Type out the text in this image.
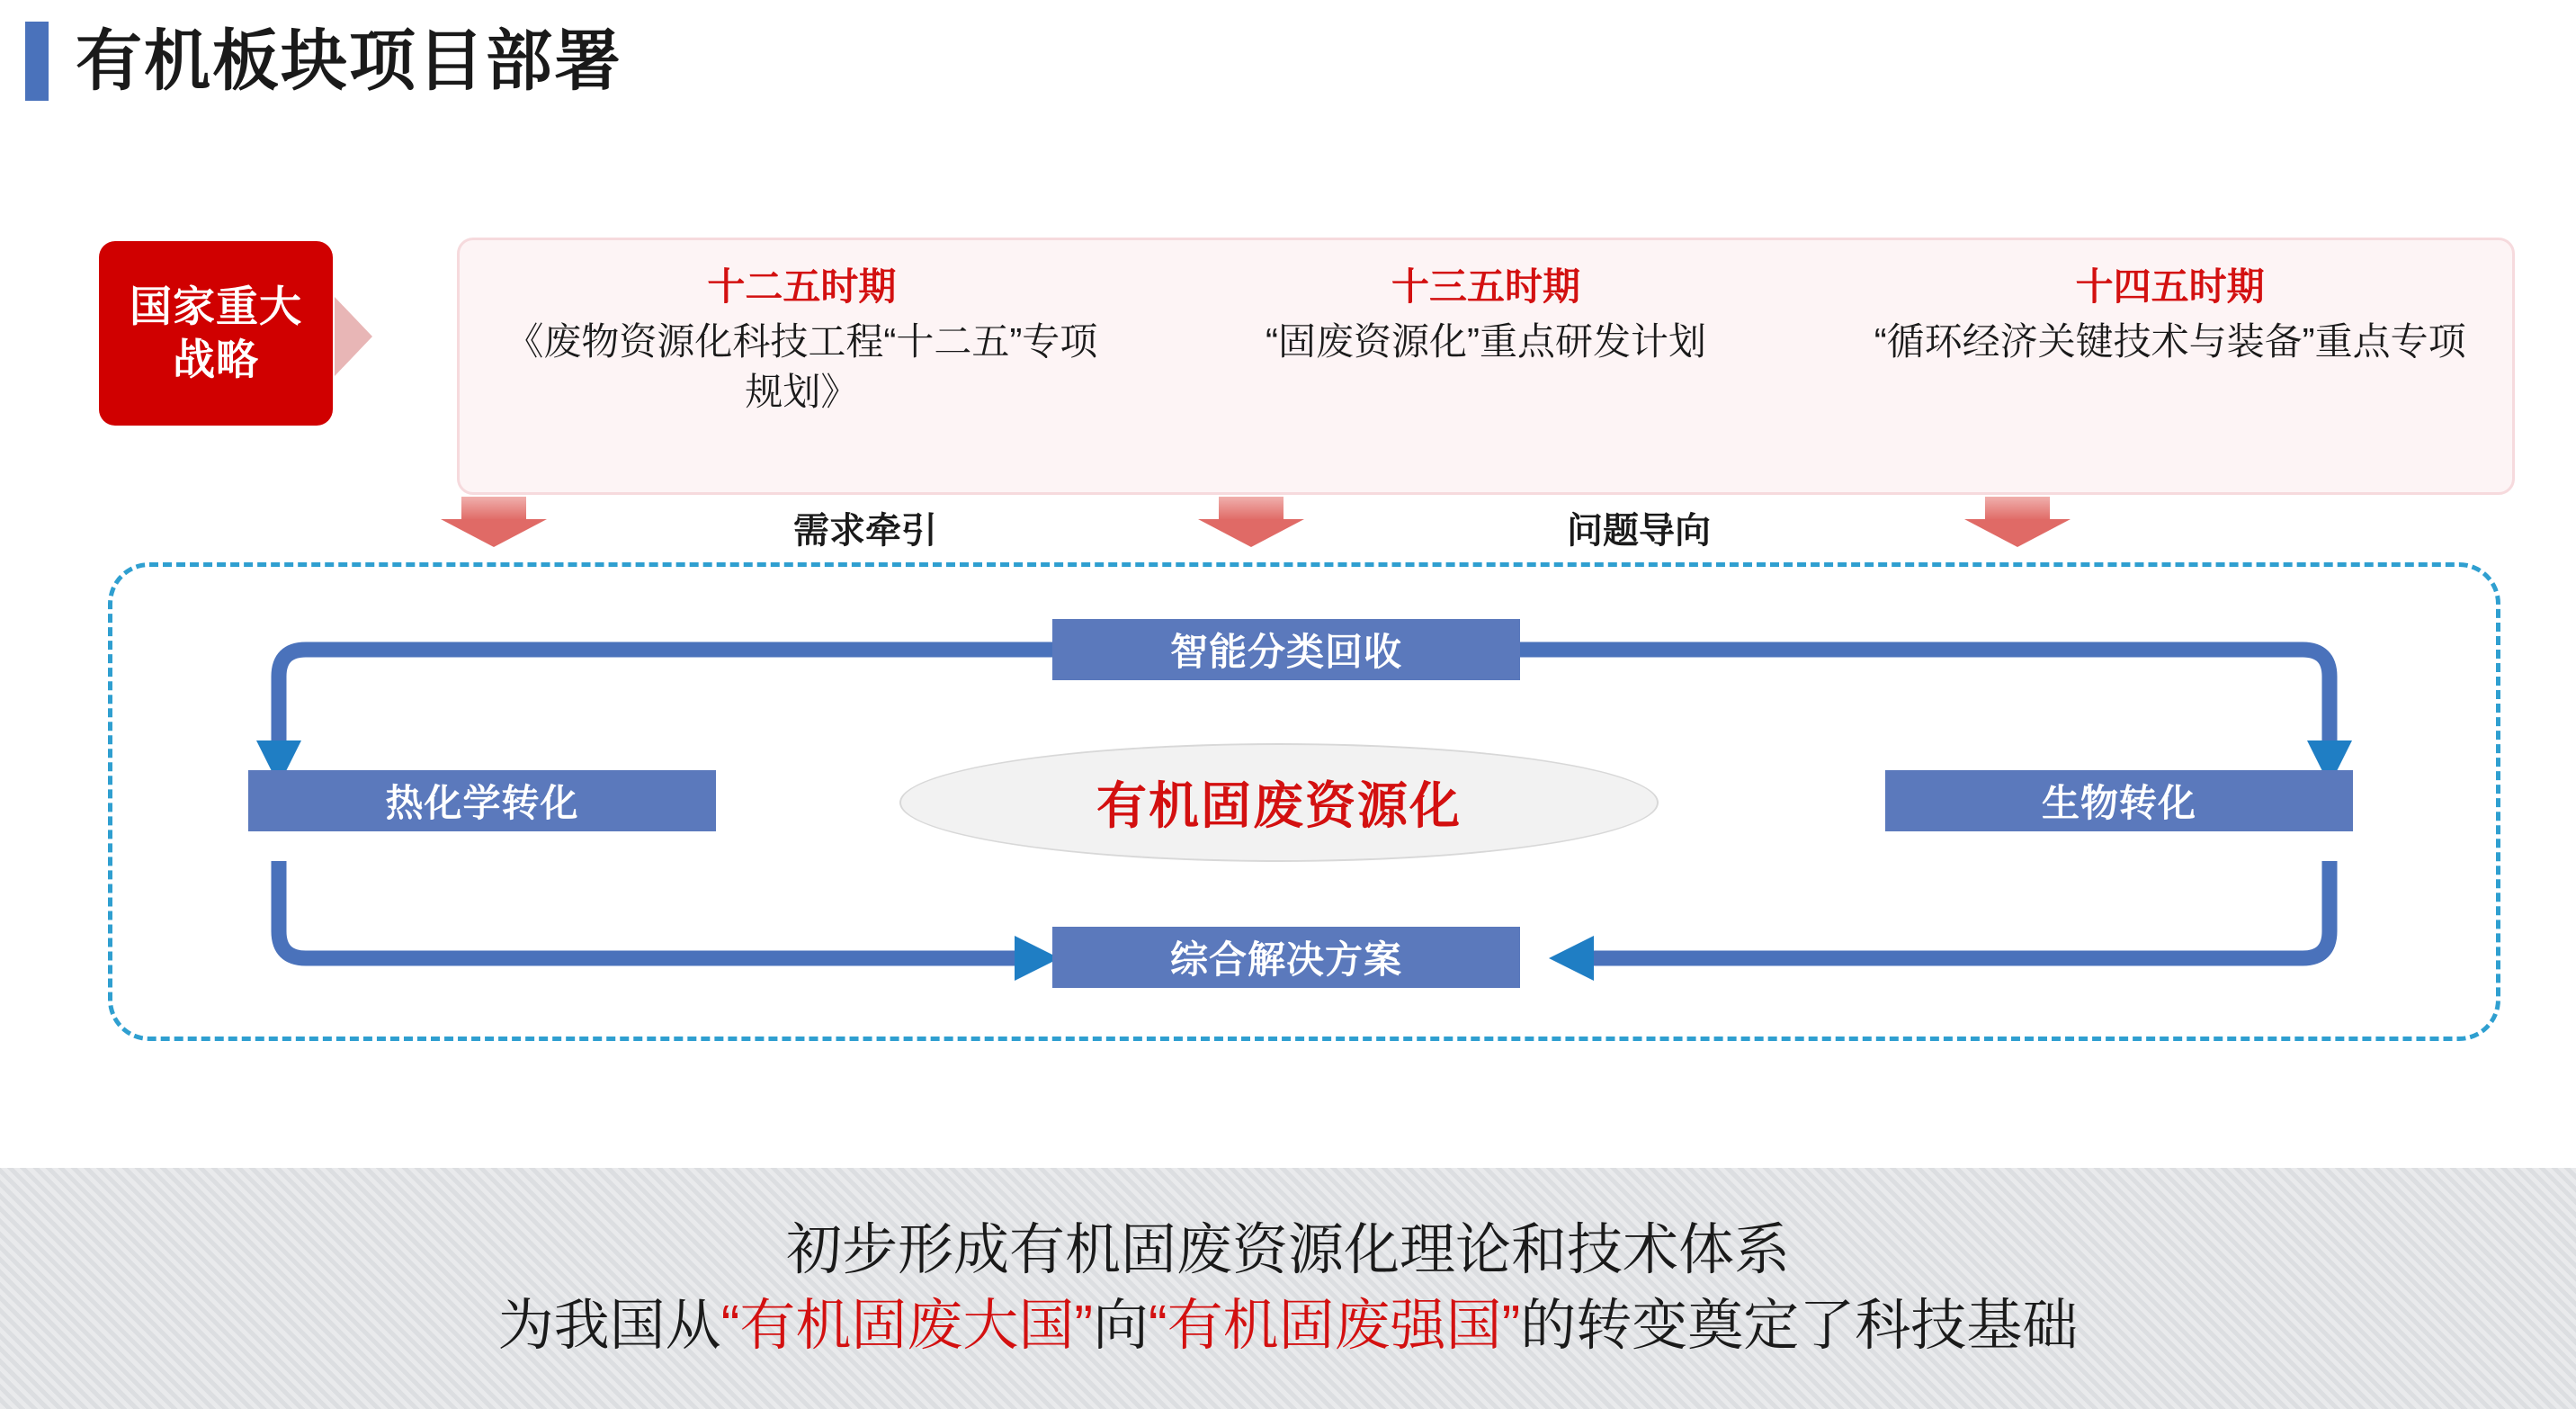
有机板块项目部署
国家重大
战略
十二五时期
《废物资源化科技工程“十二五”专项规划》
十三五时期
“固废资源化”重点研发计划
十四五时期
“循环经济关键技术与装备”重点专项
需求牵引	问题导向
智能分类回收
热化学转化	生物转化
综合解决方案
有机固废资源化
初步形成有机固废资源化理论和技术体系
为我国从“有机固废大国”向“有机固废强国”的转变奠定了科技基础
